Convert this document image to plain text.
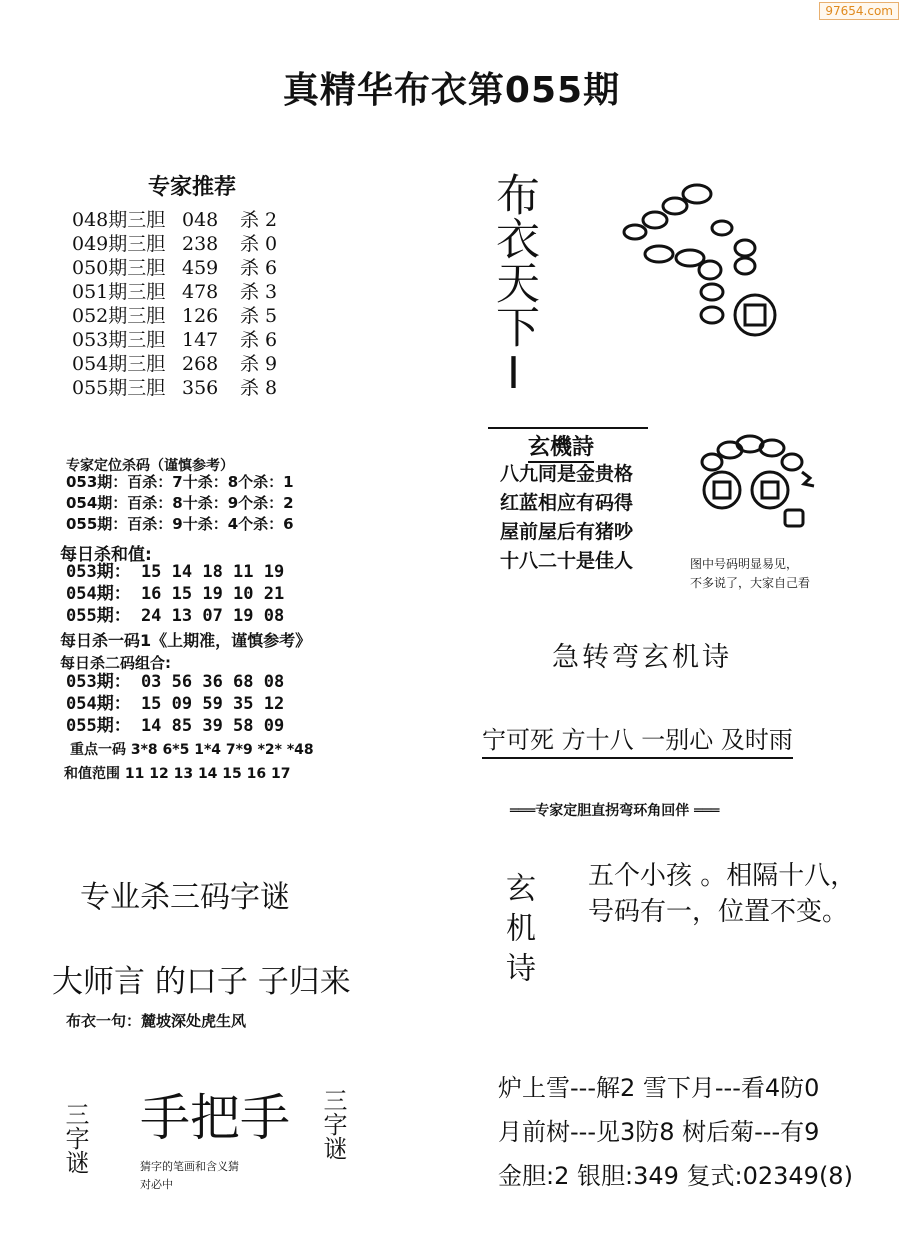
97654.com
真精华布衣第055期
专家推荐
048期三胆 048 杀 2
049期三胆 238 杀 0
050期三胆 459 杀 6
051期三胆 478 杀 3
052期三胆 126 杀 5
053期三胆 147 杀 6
054期三胆 268 杀 9
055期三胆 356 杀 8
专家定位杀码（谨慎参考）
053期：百杀：7十杀：8个杀：1
054期：百杀：8十杀：9个杀：2
055期：百杀：9十杀：4个杀：6
每日杀和值:
053期： 15 14 18 11 19
054期： 16 15 19 10 21
055期： 24 13 07 19 08
每日杀一码1《上期准，谨慎参考》
每日杀二码组合:
053期： 03 56 36 68 08
054期： 15 09 59 35 12
055期： 14 85 39 58 09
重点一码 3*8 6*5 1*4 7*9 *2* *48
和值范围 11 12 13 14 15 16 17
布衣天下I
玄機詩
八九同是金贵格
红蓝相应有码得
屋前屋后有猪吵
十八二十是佳人	图中号码明显易见，
不多说了，大家自己看
急转弯玄机诗
宁可死 方十八 一别心 及时雨
═══专家定胆直拐弯环角回伴 ═══
专业杀三码字谜
大师言 的口子 子归来
布衣一句：麓坡深处虎生风
三字谜 手把手
猜字的笔画和含义猜
对必中
三字谜
玄机诗 五个小孩 。相隔十八，
号码有一，位置不变。
炉上雪---解2 雪下月---看4防0
月前树---见3防8 树后菊---有9
金胆:2 银胆:349 复式:02349(8)
